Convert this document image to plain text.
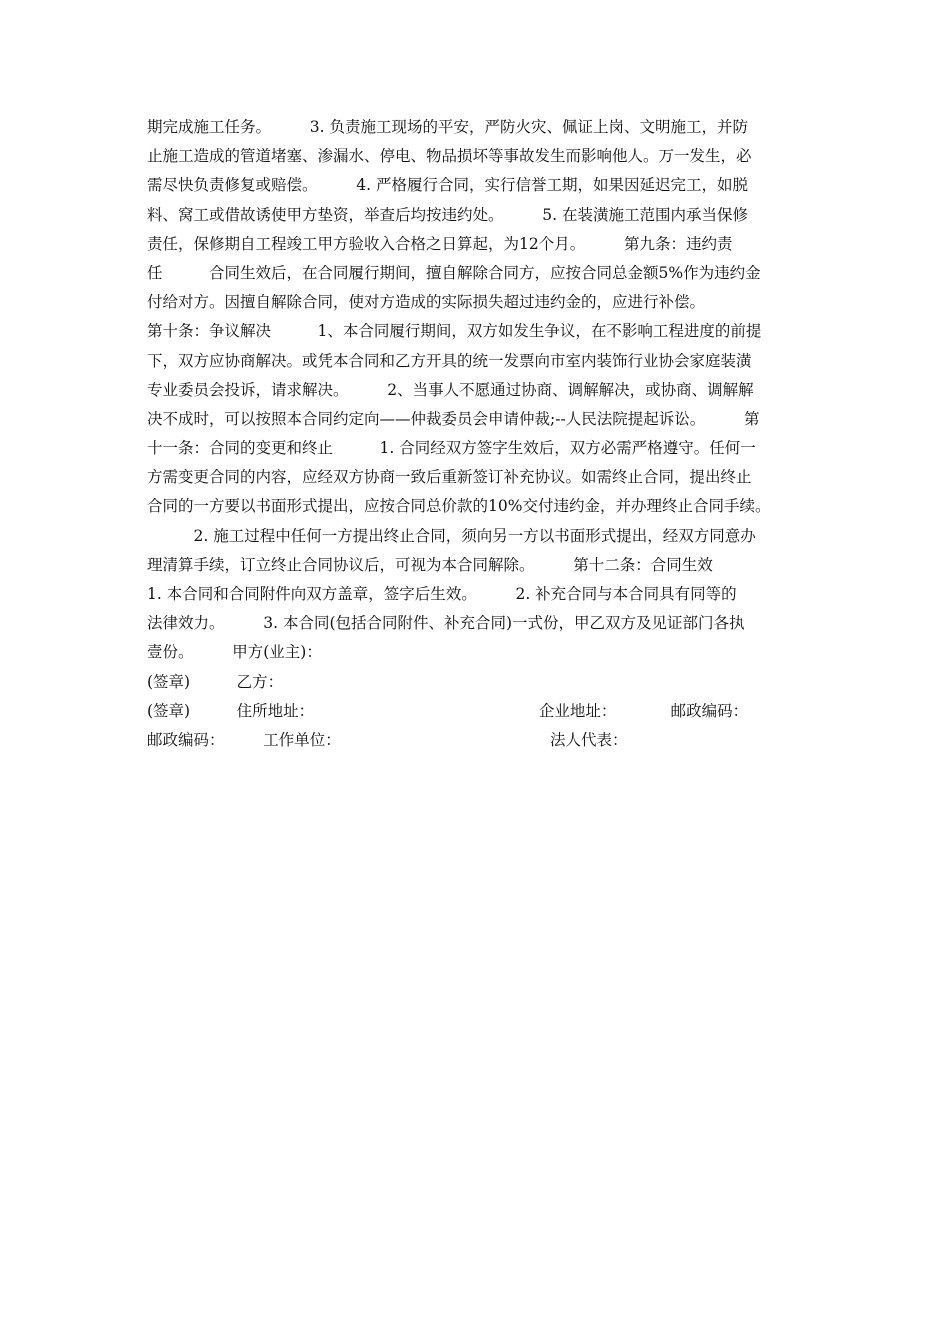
期完成施工任务。　　　3. 负责施工现场的平安，严防火灾、佩证上岗、文明施工，并防
止施工造成的管道堵塞、渗漏水、停电、物品损坏等事故发生而影响他人。万一发生，必
需尽快负责修复或赔偿。　　　4. 严格履行合同，实行信誉工期，如果因延迟完工，如脱
料、窝工或借故诱使甲方垫资，举查后均按违约处。　　　5. 在装潢施工范围内承当保修
责任，保修期自工程竣工甲方验收入合格之日算起，为12个月。　　　第九条：违约责
任　　　合同生效后，在合同履行期间，擅自解除合同方，应按合同总金额5%作为违约金
付给对方。因擅自解除合同，使对方造成的实际损失超过违约金的，应进行补偿。
第十条：争议解决　　　1、本合同履行期间，双方如发生争议，在不影响工程进度的前提
下，双方应协商解决。或凭本合同和乙方开具的统一发票向市室内装饰行业协会家庭装潢
专业委员会投诉，请求解决。　　　2、当事人不愿通过协商、调解解决，或协商、调解解
决不成时，可以按照本合同约定向——仲裁委员会申请仲裁;--人民法院提起诉讼。　　　第
十一条：合同的变更和终止　　　1. 合同经双方签字生效后，双方必需严格遵守。任何一
方需变更合同的内容，应经双方协商一致后重新签订补充协议。如需终止合同，提出终止
合同的一方要以书面形式提出，应按合同总价款的10%交付违约金，并办理终止合同手续。
　　　2. 施工过程中任何一方提出终止合同，须向另一方以书面形式提出，经双方同意办
理清算手续，订立终止合同协议后，可视为本合同解除。　　　第十二条：合同生效
1. 本合同和合同附件向双方盖章，签字后生效。　　　2. 补充合同与本合同具有同等的
法律效力。　　　3. 本合同(包括合同附件、补充合同)一式份，甲乙双方及见证部门各执
壹份。　　　甲方(业主)：
(签章)　　　乙方：
(签章)　　　住所地址：　　　　　　　　　　　　　　　企业地址：　　　　邮政编码：
邮政编码：　　　工作单位：　　　　　　　　　　　　　　法人代表：
